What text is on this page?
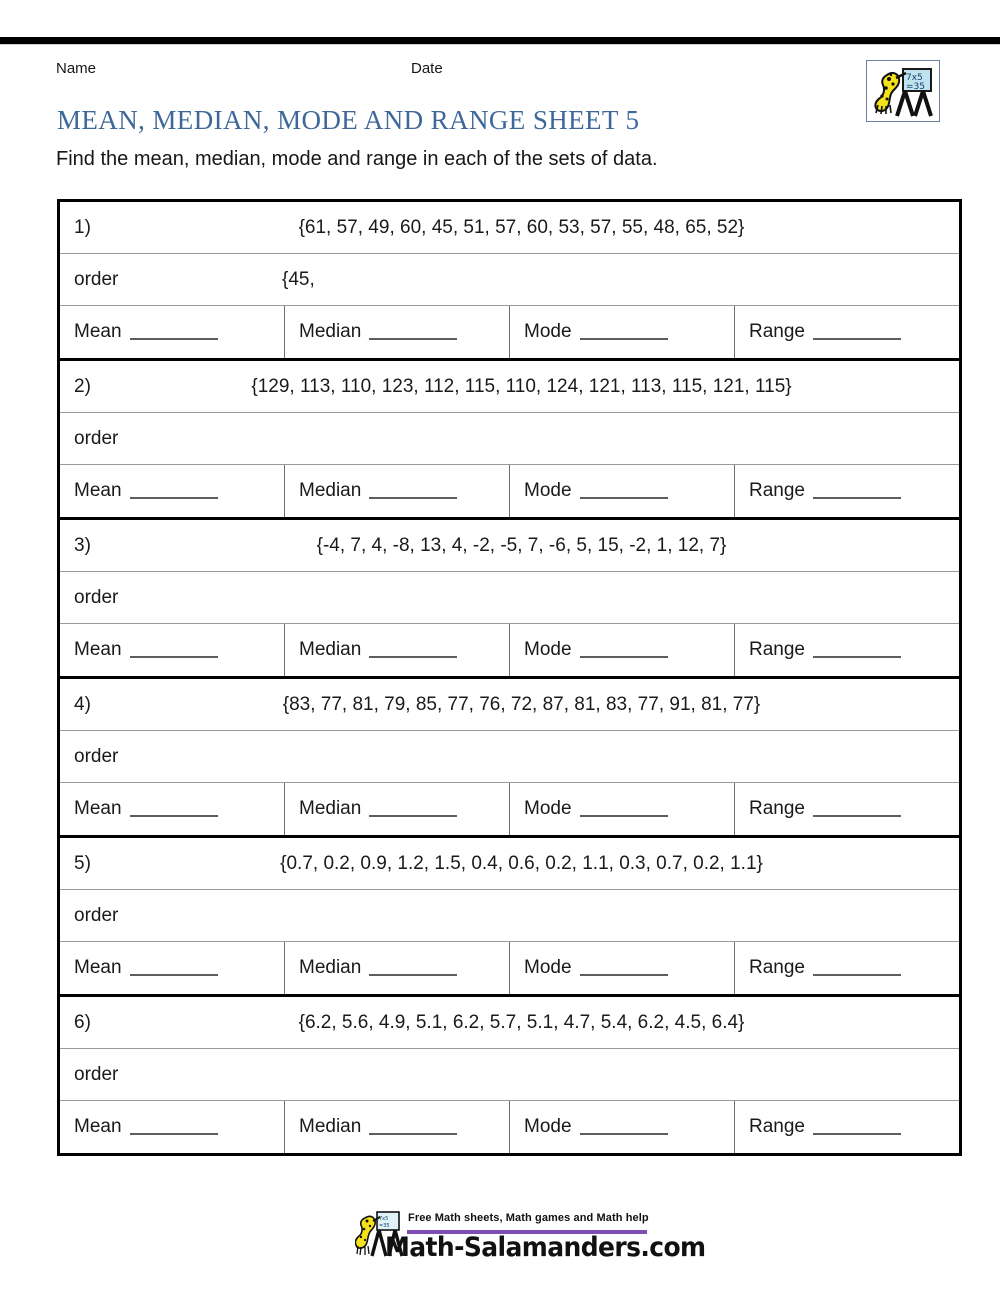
Name	Date
7x5
=35
MEAN, MEDIAN, MODE AND RANGE SHEET 5
Find the mean, median, mode and range in each of the sets of data.
1)	{61, 57, 49, 60, 45, 51, 57, 60, 53, 57, 55, 48, 65, 52}
order	{45,
Mean	Median	Mode	Range
2)	{129, 113, 110, 123, 112, 115, 110, 124, 121, 113, 115, 121, 115}
order
Mean	Median	Mode	Range
3)	{-4, 7, 4, -8, 13, 4, -2, -5, 7, -6, 5, 15, -2, 1, 12, 7}
order
Mean	Median	Mode	Range
4)	{83, 77, 81, 79, 85, 77, 76, 72, 87, 81, 83, 77, 91, 81, 77}
order
Mean	Median	Mode	Range
5)	{0.7, 0.2, 0.9, 1.2, 1.5, 0.4, 0.6, 0.2, 1.1, 0.3, 0.7, 0.2, 1.1}
order
Mean	Median	Mode	Range
6)	{6.2, 5.6, 4.9, 5.1, 6.2, 5.7, 5.1, 4.7, 5.4, 6.2, 4.5, 6.4}
order
Mean	Median	Mode	Range
7x5
=35
Free Math sheets, Math games and Math help
Math-Salamanders.com
